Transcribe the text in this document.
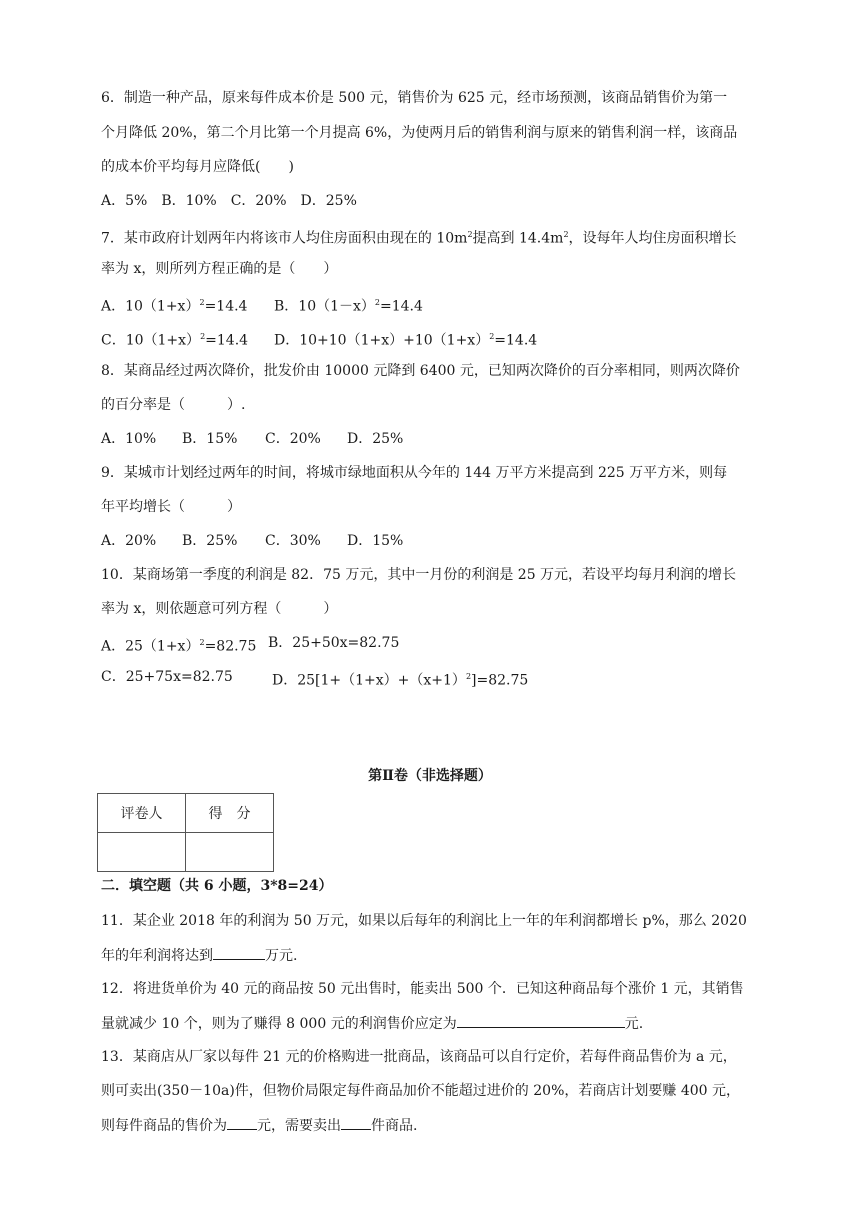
6．制造一种产品，原来每件成本价是 500 元，销售价为 625 元，经市场预测，该商品销售价为第一
个月降低 20%，第二个月比第一个月提高 6%，为使两月后的销售利润与原来的销售利润一样，该商品
的成本价平均每月应降低(　　)
A．5%　B．10%　C．20%　D．25%
7．某市政府计划两年内将该市人均住房面积由现在的 $10m^2$提高到 $14.4m^2$，设每年人均住房面积增长
率为 x，则所列方程正确的是（　　）
A．$10(1+x)^2=14.4$ B．$10(1-x)^2=14.4$
C．$10(1+x)^2=14.4$ D．$10+10(1+x)+10(1+x)^2=14.4$
8．某商品经过两次降价，批发价由 10000 元降到 6400 元，已知两次降价的百分率相同，则两次降价
的百分率是（　　　）.
A．10% B．15% C．20% D．25%
9．某城市计划经过两年的时间，将城市绿地面积从今年的 144 万平方米提高到 225 万平方米，则每
年平均增长（　　　）
A．20% B．25% C．30% D．15%
10．某商场第一季度的利润是 82．75 万元，其中一月份的利润是 25 万元，若设平均每月利润的增长
率为 x，则依题意可列方程（　　　）
A．$25(1+x)^2=82.75$ B．25+50x=82.75
C．25+75x=82.75	D．$25[1+(1+x)+(x+1)^2]=82.75$
第Ⅱ卷（非选择题）
评卷人	得　分

二．填空题（共 6 小题，3*8=24）
11．某企业 2018 年的利润为 50 万元，如果以后每年的利润比上一年的年利润都增长 p%，那么 2020
年的年利润将达到	万元.
12．将进货单价为 40 元的商品按 50 元出售时，能卖出 500 个．已知这种商品每个涨价 1 元，其销售
量就减少 10 个，则为了赚得 8 000 元的利润售价应定为	元.
13．某商店从厂家以每件 21 元的价格购进一批商品，该商品可以自行定价，若每件商品售价为 a 元，
则可卖出(350－10a)件，但物价局限定每件商品加价不能超过进价的 20%，若商店计划要赚 400 元，
则每件商品的售价为 元，需要卖出 件商品.
